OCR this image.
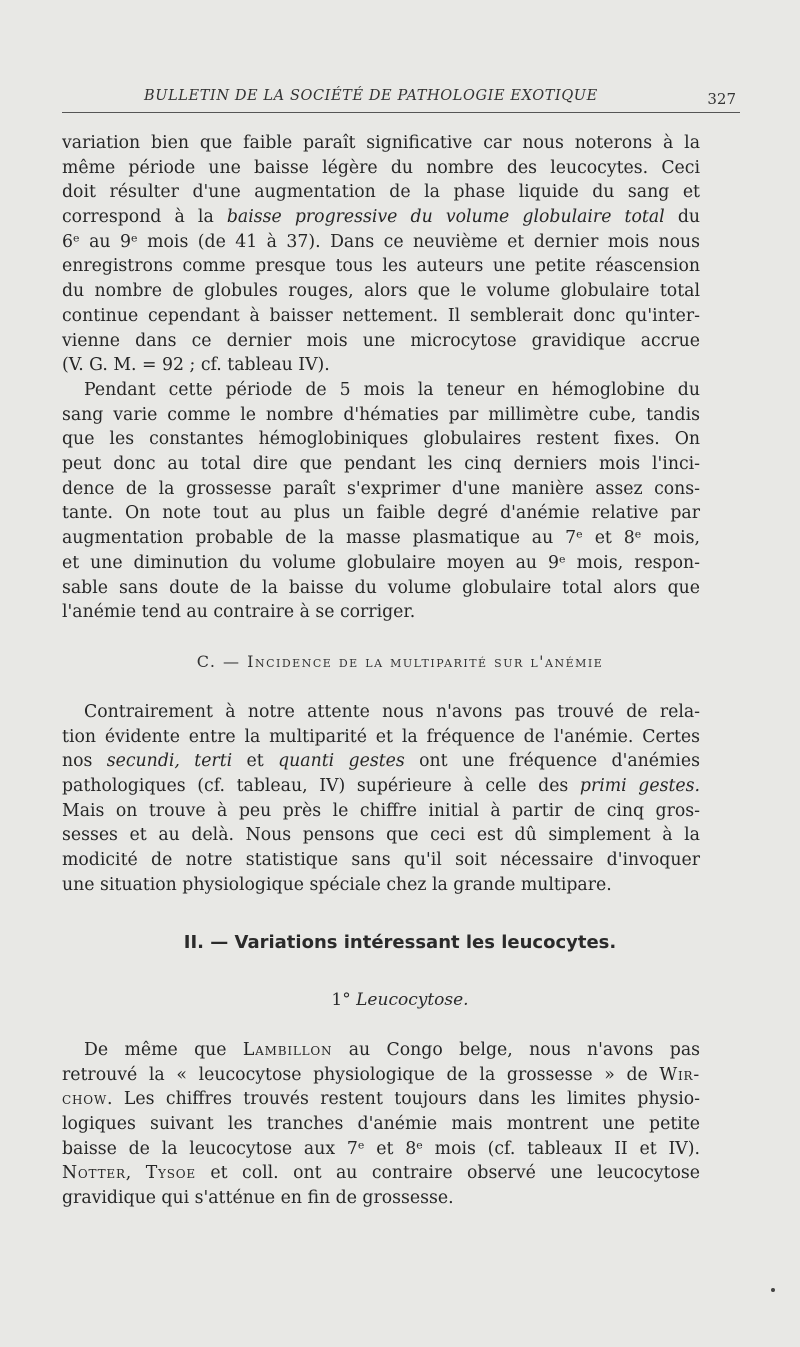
BULLETIN DE LA SOCIÉTÉ DE PATHOLOGIE EXOTIQUE	327
variation bien que faible paraît significative car nous noterons à la
même période une baisse légère du nombre des leucocytes. Ceci
doit résulter d'une augmentation de la phase liquide du sang et
correspond à la baisse progressive du volume globulaire total du
6ᵉ au 9ᵉ mois (de 41 à 37). Dans ce neuvième et dernier mois nous
enregistrons comme presque tous les auteurs une petite réascension
du nombre de globules rouges, alors que le volume globulaire total
continue cependant à baisser nettement. Il semblerait donc qu'inter-
vienne dans ce dernier mois une microcytose gravidique accrue
(V. G. M. = 92 ; cf. tableau IV).
Pendant cette période de 5 mois la teneur en hémoglobine du
sang varie comme le nombre d'hématies par millimètre cube, tandis
que les constantes hémoglobiniques globulaires restent fixes. On
peut donc au total dire que pendant les cinq derniers mois l'inci-
dence de la grossesse paraît s'exprimer d'une manière assez cons-
tante. On note tout au plus un faible degré d'anémie relative par
augmentation probable de la masse plasmatique au 7ᵉ et 8ᵉ mois,
et une diminution du volume globulaire moyen au 9ᵉ mois, respon-
sable sans doute de la baisse du volume globulaire total alors que
l'anémie tend au contraire à se corriger.
C. — Incidence de la multiparité sur l'anémie
Contrairement à notre attente nous n'avons pas trouvé de rela-
tion évidente entre la multiparité et la fréquence de l'anémie. Certes
nos secundi, terti et quanti gestes ont une fréquence d'anémies
pathologiques (cf. tableau, IV) supérieure à celle des primi gestes.
Mais on trouve à peu près le chiffre initial à partir de cinq gros-
sesses et au delà. Nous pensons que ceci est dû simplement à la
modicité de notre statistique sans qu'il soit nécessaire d'invoquer
une situation physiologique spéciale chez la grande multipare.
II. — Variations intéressant les leucocytes.
1° Leucocytose.
De même que Lambillon au Congo belge, nous n'avons pas
retrouvé la « leucocytose physiologique de la grossesse » de Wir-
chow. Les chiffres trouvés restent toujours dans les limites physio-
logiques suivant les tranches d'anémie mais montrent une petite
baisse de la leucocytose aux 7ᵉ et 8ᵉ mois (cf. tableaux II et IV).
Notter, Tysoe et coll. ont au contraire observé une leucocytose
gravidique qui s'atténue en fin de grossesse.
